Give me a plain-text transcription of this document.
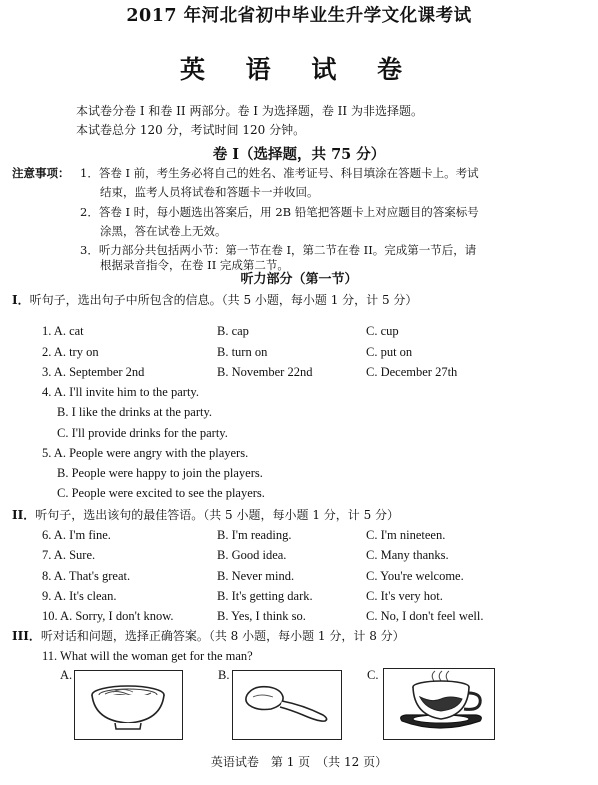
2017 年河北省初中毕业生升学文化课考试
英 语 试 卷
本试卷分卷 I 和卷 II 两部分。卷 I 为选择题，卷 II 为非选择题。
本试卷总分 120 分，考试时间 120 分钟。
卷 I（选择题，共 75 分）
注意事项： 1．答卷 I 前，考生务必将自己的姓名、准考证号、科目填涂在答题卡上。考试
结束，监考人员将试卷和答题卡一并收回。
2．答卷 I 时，每小题选出答案后，用 2B 铅笔把答题卡上对应题目的答案标号
涂黑，答在试卷上无效。
3．听力部分共包括两小节：第一节在卷 I，第二节在卷 II。完成第一节后，请
根据录音指令，在卷 II 完成第二节。
听力部分（第一节）
I．听句子，选出句子中所包含的信息。（共 5 小题，每小题 1 分，计 5 分）
1. A. cat	B. cap	C. cup
2. A. try on	B. turn on	C. put on
3. A. September 2nd	B. November 22nd	C. December 27th
4. A. I'll invite him to the party.
B. I like the drinks at the party.
C. I'll provide drinks for the party.
5. A. People were angry with the players.
B. People were happy to join the players.
C. People were excited to see the players.
II．听句子，选出该句的最佳答语。（共 5 小题，每小题 1 分，计 5 分）
6. A. I'm fine.	B. I'm reading.	C. I'm nineteen.
7. A. Sure.	B. Good idea.	C. Many thanks.
8. A. That's great.	B. Never mind.	C. You're welcome.
9. A. It's clean.	B. It's getting dark.	C. It's very hot.
10. A. Sorry, I don't know.	B. Yes, I think so.	C. No, I don't feel well.
III．听对话和问题，选择正确答案。（共 8 小题，每小题 1 分，计 8 分）
11. What will the woman get for the man?
A.	B.	C.
英语试卷　第 1 页　（共 12 页）
